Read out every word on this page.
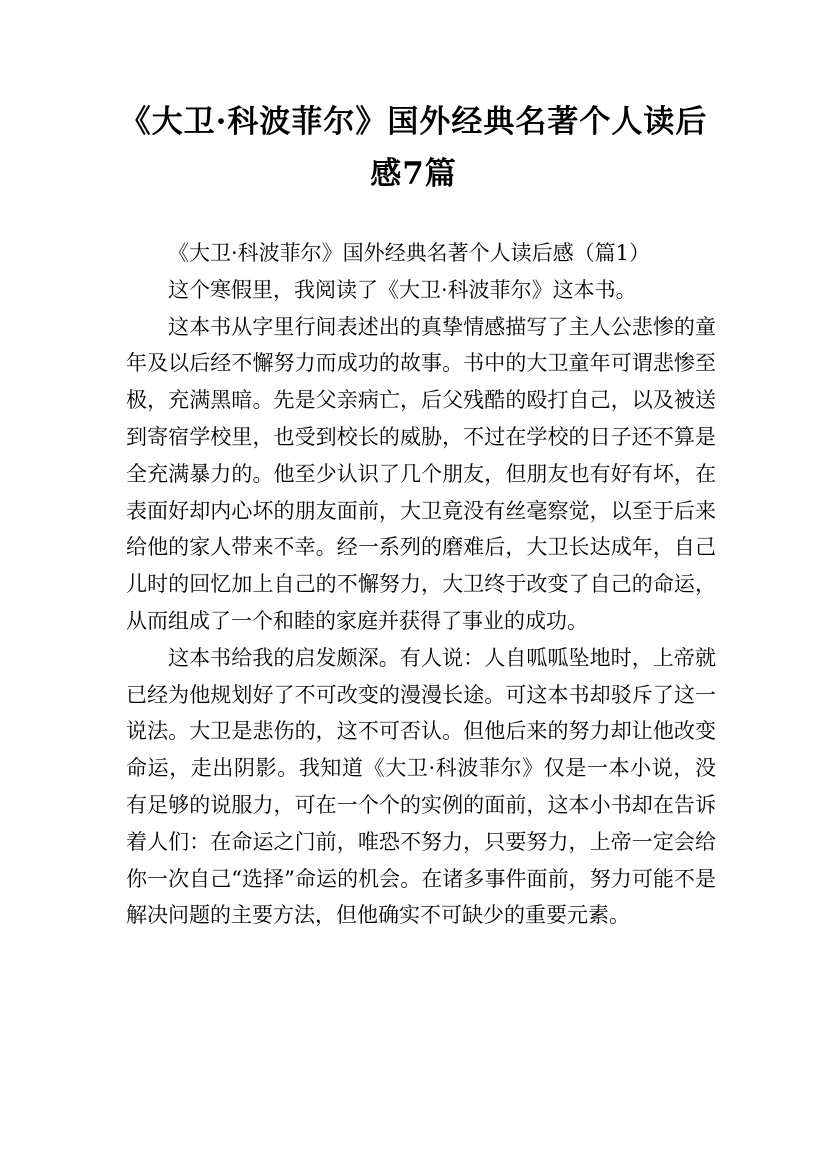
《大卫·科波菲尔》国外经典名著个人读后感7篇

《大卫·科波菲尔》国外经典名著个人读后感（篇1）

这个寒假里，我阅读了《大卫·科波菲尔》这本书。

这本书从字里行间表述出的真挚情感描写了主人公悲惨的童年及以后经不懈努力而成功的故事。书中的大卫童年可谓悲惨至极，充满黑暗。先是父亲病亡，后父残酷的殴打自己，以及被送到寄宿学校里，也受到校长的威胁，不过在学校的日子还不算是全充满暴力的。他至少认识了几个朋友，但朋友也有好有坏，在表面好却内心坏的朋友面前，大卫竟没有丝毫察觉，以至于后来给他的家人带来不幸。经一系列的磨难后，大卫长达成年，自己儿时的回忆加上自己的不懈努力，大卫终于改变了自己的命运，从而组成了一个和睦的家庭并获得了事业的成功。

这本书给我的启发颇深。有人说：人自呱呱坠地时，上帝就已经为他规划好了不可改变的漫漫长途。可这本书却驳斥了这一说法。大卫是悲伤的，这不可否认。但他后来的努力却让他改变命运，走出阴影。我知道《大卫·科波菲尔》仅是一本小说，没有足够的说服力，可在一个个的实例的面前，这本小书却在告诉着人们：在命运之门前，唯恐不努力，只要努力，上帝一定会给你一次自己“选择”命运的机会。在诸多事件面前，努力可能不是解决问题的主要方法，但他确实不可缺少的重要元素。
